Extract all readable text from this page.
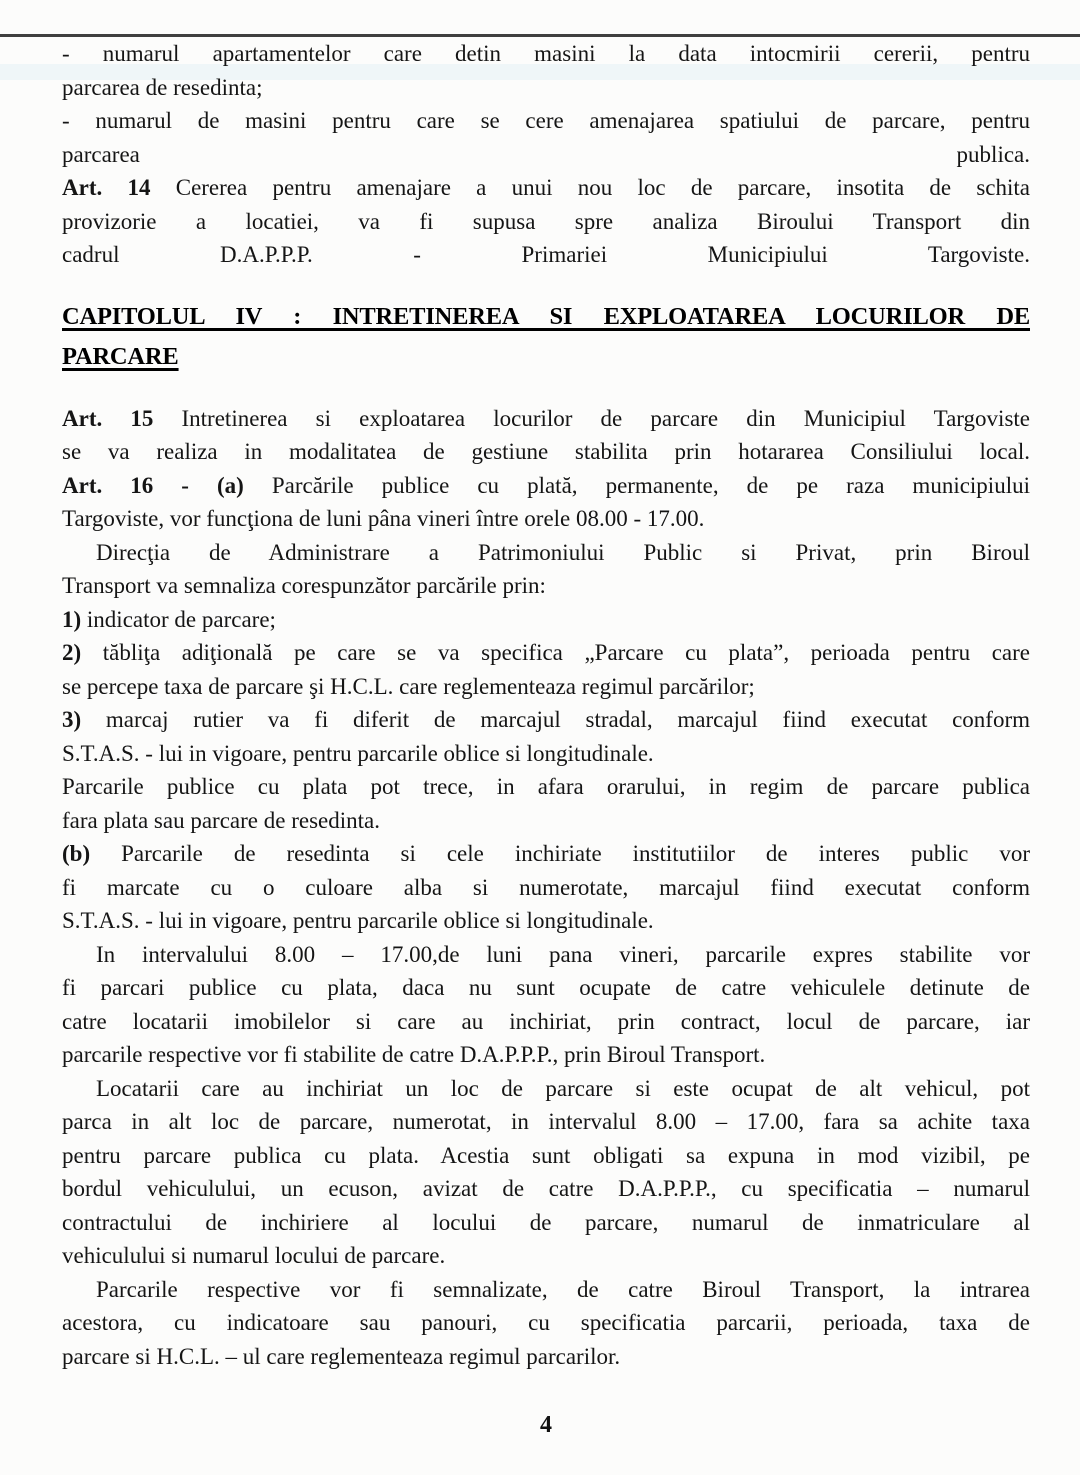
- numarul apartamentelor care detin masini la data intocmirii cererii, pentru
parcarea de resedinta;
- numarul de masini pentru care se cere amenajarea spatiului de parcare, pentru
parcarea publica.
Art. 14 Cererea pentru amenajare a unui nou loc de parcare, insotita de schita
provizorie a locatiei, va fi supusa spre analiza Biroului Transport din
cadrul D.A.P.P.P. - Primariei Municipiului Targoviste.
CAPITOLUL IV : INTRETINEREA SI EXPLOATAREA LOCURILOR DE
PARCARE
Art. 15 Intretinerea si exploatarea locurilor de parcare din Municipiul Targoviste
se va realiza in modalitatea de gestiune stabilita prin hotararea Consiliului local.
Art. 16 - (a) Parcările publice cu plată, permanente, de pe raza municipiului
Targoviste, vor funcţiona de luni pâna vineri între orele 08.00 - 17.00.
Direcţia de Administrare a Patrimoniului Public si Privat, prin Biroul
Transport va semnaliza corespunzător parcările prin:
1) indicator de parcare;
2) tăbliţa adiţională pe care se va specifica „Parcare cu plata”, perioada pentru care
se percepe taxa de parcare şi H.C.L. care reglementeaza regimul parcărilor;
3) marcaj rutier va fi diferit de marcajul stradal, marcajul fiind executat conform
S.T.A.S. - lui in vigoare, pentru parcarile oblice si longitudinale.
Parcarile publice cu plata pot trece, in afara orarului, in regim de parcare publica
fara plata sau parcare de resedinta.
(b) Parcarile de resedinta si cele inchiriate institutiilor de interes public vor
fi marcate cu o culoare alba si numerotate, marcajul fiind executat conform
S.T.A.S. - lui in vigoare, pentru parcarile oblice si longitudinale.
In intervalului 8.00 – 17.00,de luni pana vineri, parcarile expres stabilite vor
fi parcari publice cu plata, daca nu sunt ocupate de catre vehiculele detinute de
catre locatarii imobilelor si care au inchiriat, prin contract, locul de parcare, iar
parcarile respective vor fi stabilite de catre D.A.P.P.P., prin Biroul Transport.
Locatarii care au inchiriat un loc de parcare si este ocupat de alt vehicul, pot
parca in alt loc de parcare, numerotat, in intervalul 8.00 – 17.00, fara sa achite taxa
pentru parcare publica cu plata. Acestia sunt obligati sa expuna in mod vizibil, pe
bordul vehiculului, un ecuson, avizat de catre D.A.P.P.P., cu specificatia – numarul
contractului de inchiriere al locului de parcare, numarul de inmatriculare al
vehiculului si numarul locului de parcare.
Parcarile respective vor fi semnalizate, de catre Biroul Transport, la intrarea
acestora, cu indicatoare sau panouri, cu specificatia parcarii, perioada, taxa de
parcare si H.C.L. – ul care reglementeaza regimul parcarilor.
4
